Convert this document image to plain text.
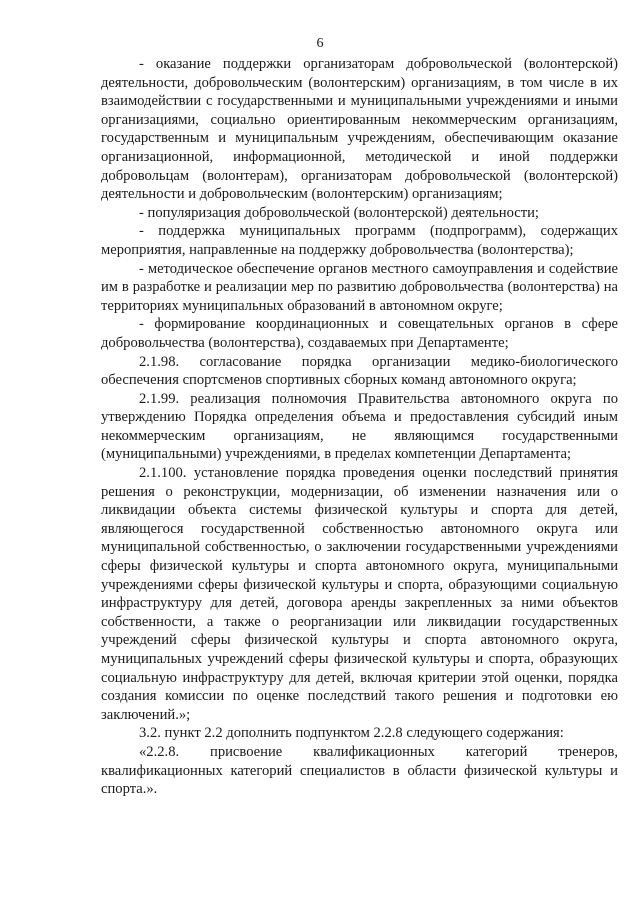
6

- оказание поддержки организаторам добровольческой (волонтерской) деятельности, добровольческим (волонтерским) организациям, в том числе в их взаимодействии с государственными и муниципальными учреждениями и иными организациями, социально ориентированным некоммерческим организациям, государственным и муниципальным учреждениям, обеспечивающим оказание организационной, информационной, методической и иной поддержки добровольцам (волонтерам), организаторам добровольческой (волонтерской) деятельности и добровольческим (волонтерским) организациям;

- популяризация добровольческой (волонтерской) деятельности;

- поддержка муниципальных программ (подпрограмм), содержащих мероприятия, направленные на поддержку добровольчества (волонтерства);

- методическое обеспечение органов местного самоуправления и содействие им в разработке и реализации мер по развитию добровольчества (волонтерства) на территориях муниципальных образований в автономном округе;

- формирование координационных и совещательных органов в сфере добровольчества (волонтерства), создаваемых при Департаменте;

2.1.98. согласование порядка организации медико-биологического обеспечения спортсменов спортивных сборных команд автономного округа;

2.1.99. реализация полномочия Правительства автономного округа по утверждению Порядка определения объема и предоставления субсидий иным некоммерческим организациям, не являющимся государственными (муниципальными) учреждениями, в пределах компетенции Департамента;

2.1.100. установление порядка проведения оценки последствий принятия решения о реконструкции, модернизации, об изменении назначения или о ликвидации объекта системы физической культуры и спорта для детей, являющегося государственной собственностью автономного округа или муниципальной собственностью, о заключении государственными учреждениями сферы физической культуры и спорта автономного округа, муниципальными учреждениями сферы физической культуры и спорта, образующими социальную инфраструктуру для детей, договора аренды закрепленных за ними объектов собственности, а также о реорганизации или ликвидации государственных учреждений сферы физической культуры и спорта автономного округа, муниципальных учреждений сферы физической культуры и спорта, образующих социальную инфраструктуру для детей, включая критерии этой оценки, порядка создания комиссии по оценке последствий такого решения и подготовки ею заключений.»;

3.2. пункт 2.2 дополнить подпунктом 2.2.8 следующего содержания:

«2.2.8. присвоение квалификационных категорий тренеров, квалификационных категорий специалистов в области физической культуры и спорта.».
